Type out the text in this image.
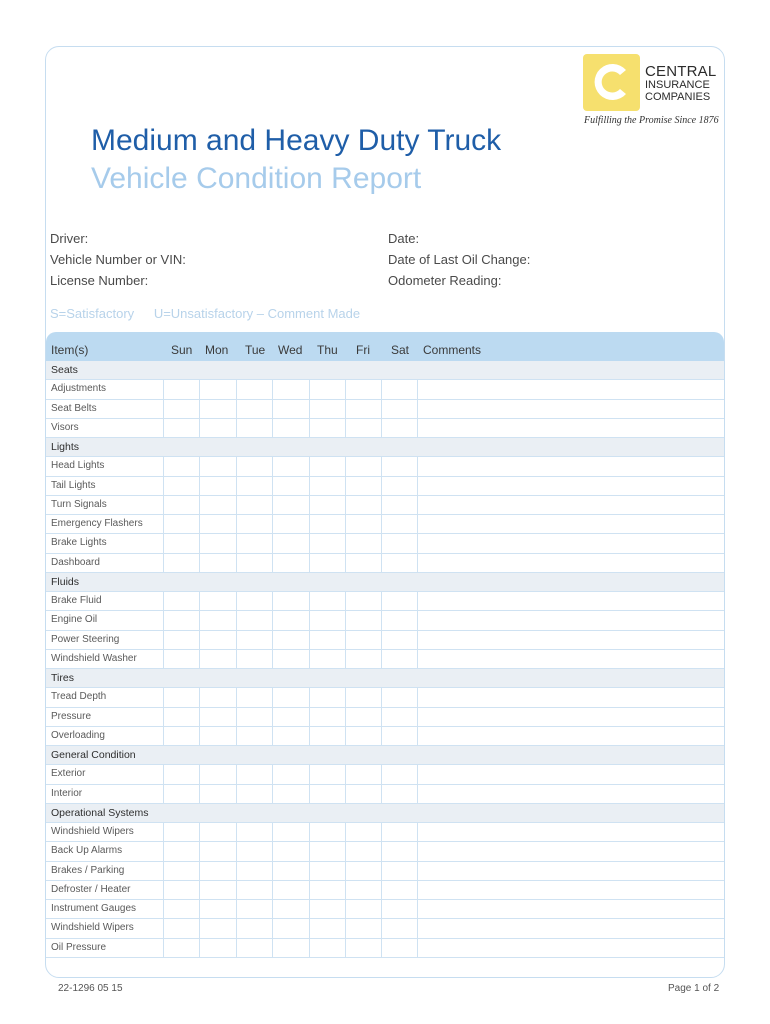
CENTRAL
INSURANCE
COMPANIES
Fulfilling the Promise Since 1876
Medium and Heavy Duty Truck
Vehicle Condition Report
Driver:
Vehicle Number or VIN:
License Number:
Date:
Date of Last Oil Change:
Odometer Reading:
S=Satisfactory U=Unsatisfactory – Comment Made
Item(s)	Sun Mon Tue Wed Thu Fri Sat Comments
Seats
Adjustments
Seat Belts
Visors
Lights
Head Lights
Tail Lights
Turn Signals
Emergency Flashers
Brake Lights
Dashboard
Fluids
Brake Fluid
Engine Oil
Power Steering
Windshield Washer
Tires
Tread Depth
Pressure
Overloading
General Condition
Exterior
Interior
Operational Systems
Windshield Wipers
Back Up Alarms
Brakes / Parking
Defroster / Heater
Instrument Gauges
Windshield Wipers
Oil Pressure
22-1296 05 15	Page 1 of 2
